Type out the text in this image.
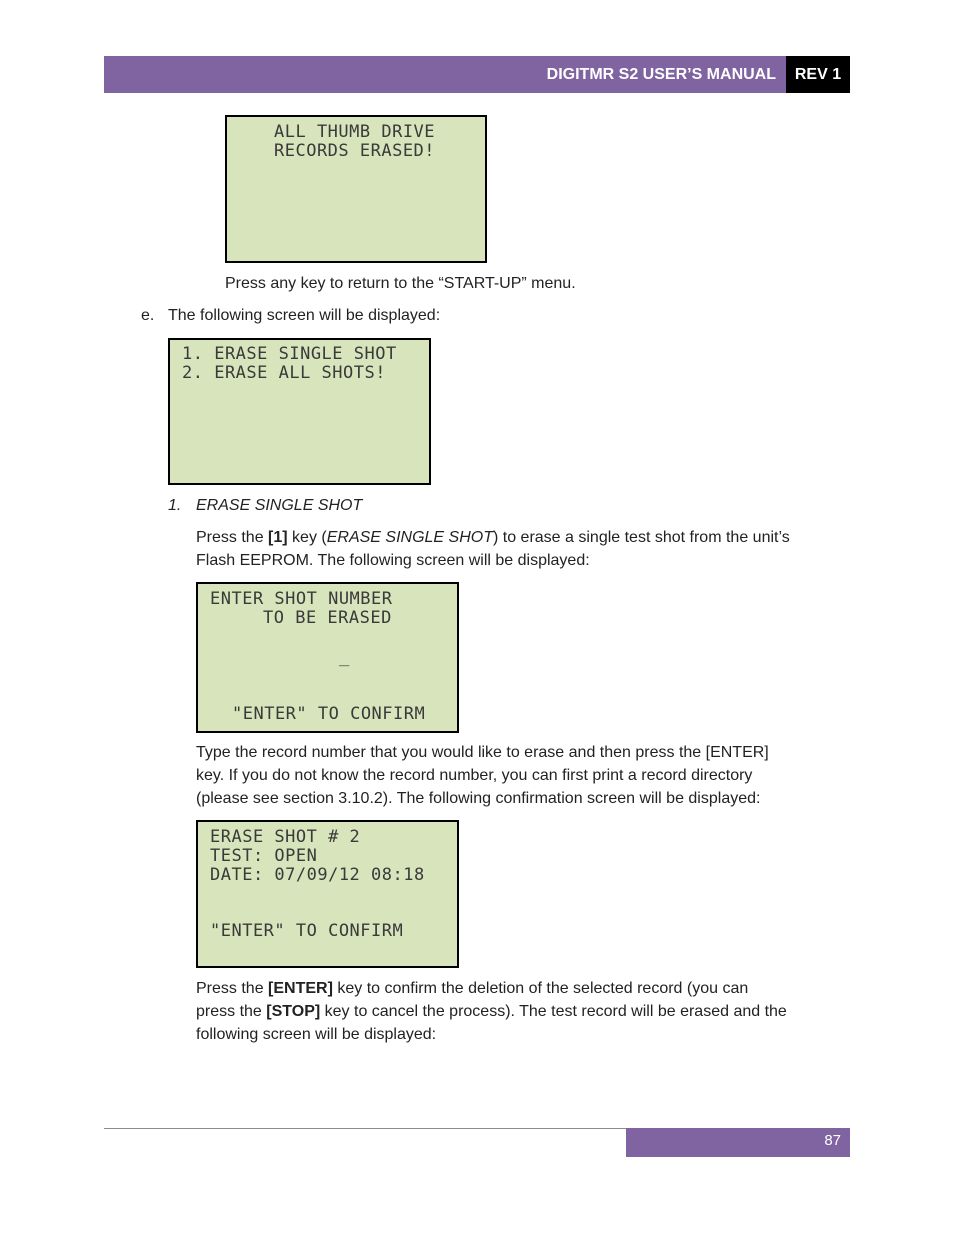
DIGITMR S2 USER’S MANUAL	REV 1
ALL THUMB DRIVE
RECORDS ERASED!

Press any key to return to the “START-UP” menu.

e. The following screen will be displayed:

1. ERASE SINGLE SHOT
2. ERASE ALL SHOTS!
1. ERASE SINGLE SHOT

Press the [1] key (ERASE SINGLE SHOT) to erase a single test shot from the unit’s
Flash EEPROM. The following screen will be displayed:

ENTER SHOT NUMBER
TO BE ERASED
_
"ENTER" TO CONFIRM

Type the record number that you would like to erase and then press the [ENTER]
key. If you do not know the record number, you can first print a record directory
(please see section 3.10.2). The following confirmation screen will be displayed:

ERASE SHOT # 2
TEST: OPEN
DATE: 07/09/12 08:18
"ENTER" TO CONFIRM

Press the [ENTER] key to confirm the deletion of the selected record (you can
press the [STOP] key to cancel the process). The test record will be erased and the
following screen will be displayed:

87
